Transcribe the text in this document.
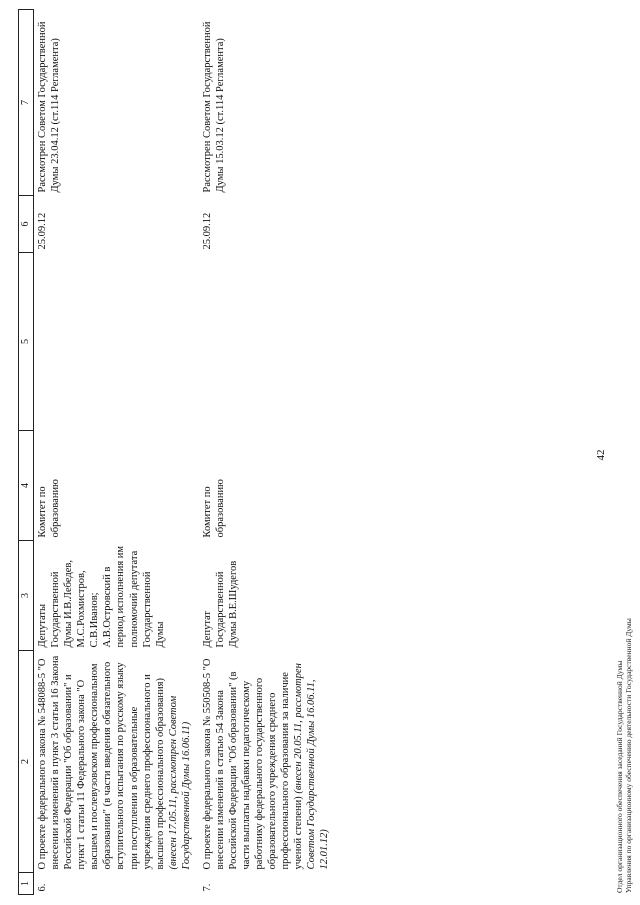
1	2	3	4	5	6	7
6.	О проекте федерального закона № 548088-5 "О внесении изменений в пункт 3 статьи 16 Закона Российской Федерации "Об образовании" и пункт 1 статьи 11 Федерального закона "О высшем и послевузовском профессиональном образовании" (в части введения обязательного вступительного испытания по русскому языку при поступлении в образовательные учреждения среднего профессионального и высшего профессионального образования) (внесен 17.05.11, рассмотрен Советом Государственной Думы 16.06.11)	Депутаты Государственной Думы И.В.Лебедев, М.С.Рохмистров, С.В.Иванов; А.В.Островский в период исполнения им полномочий депутата Государственной Думы	Комитет по образованию		25.09.12	Рассмотрен Советом Государственной Думы 23.04.12 (ст.114 Регламента)
7.	О проекте федерального закона № 550508-5 "О внесении изменений в статью 54 Закона Российской Федерации "Об образовании" (в части выплаты надбавки педагогическому работнику федерального государственного образовательного учреждения среднего профессионального образования за наличие ученой степени) (внесен 20.05.11, рассмотрен Советом Государственной Думы 16.06.11, 12.01.12)	Депутат Государственной Думы В.Е.Шудегов	Комитет по образованию		25.09.12	Рассмотрен Советом Государственной Думы 15.03.12 (ст.114 Регламента)
42
Отдел организационного обеспечения заседаний Государственной Думы Управления по организационному обеспечению деятельности Государственной Думы
